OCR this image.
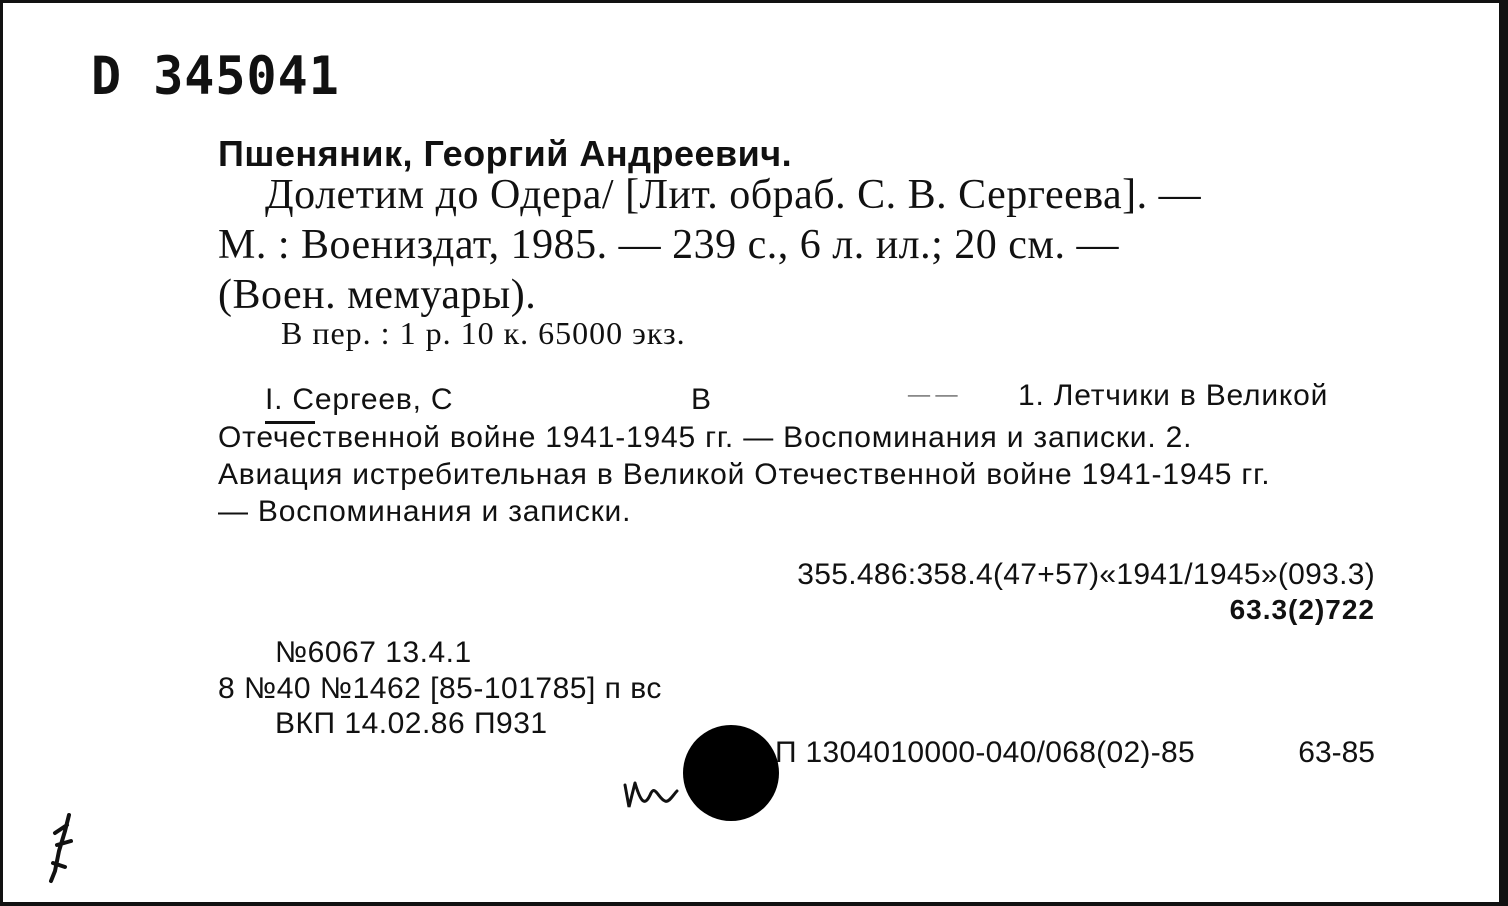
D 345041
Пшеняник, Георгий Андреевич.
Долетим до Одера/ [Лит. обраб. С. В. Сергеева]. —
М. : Воениздат, 1985. — 239 с., 6 л. ил.; 20 см. —
(Воен. мемуары).
В пер. : 1 р. 10 к. 65000 экз.
I. Сергеев, С	В	— — 1. Летчики в Великой
Отечественной войне 1941-1945 гг. — Воспоминания и записки. 2.
Авиация истребительная в Великой Отечественной войне 1941-1945 гг.
— Воспоминания и записки.
355.486:358.4(47+57)«1941/1945»(093.3)
63.3(2)722
№6067 13.4.1
8 №40 №1462 [85-101785] п вс
ВКП 14.02.86 П931
П 1304010000-040/068(02)-85	63-85
